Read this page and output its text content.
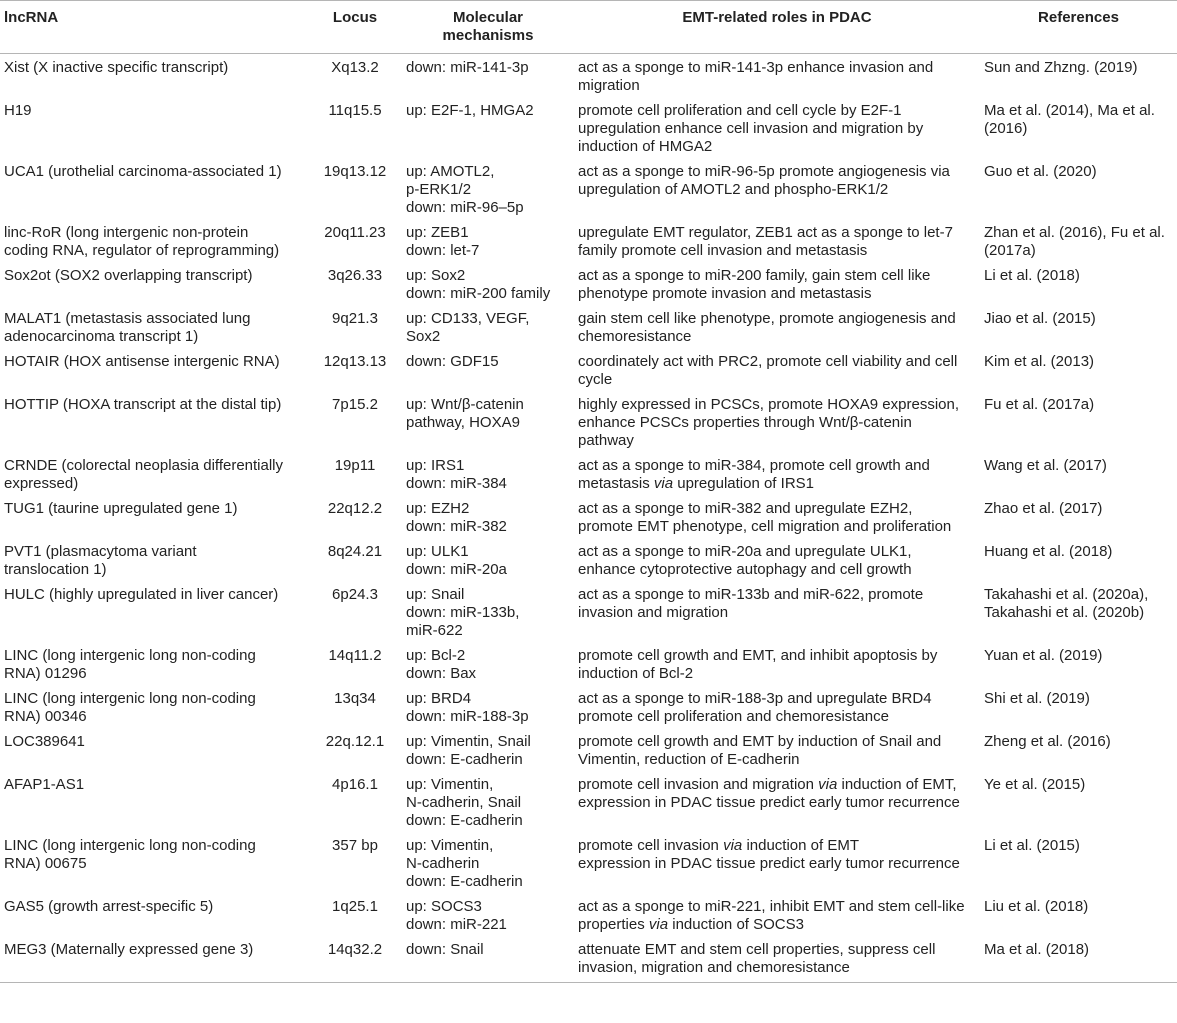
lncRNA	Locus	Molecular mechanisms	EMT-related roles in PDAC	References

Xist (X inactive specific transcript)	Xq13.2	down: miR-141-3p	act as a sponge to miR-141-3p enhance invasion and
migration	Sun and Zhzng. (2019)

H19	11q15.5	up: E2F-1, HMGA2	promote cell proliferation and cell cycle by E2F-1
upregulation enhance cell invasion and migration by
induction of HMGA2	Ma et al. (2014), Ma et al.
(2016)

UCA1 (urothelial carcinoma-associated 1)	19q13.12	up: AMOTL2,
p-ERK1/2
down: miR-96–5p	act as a sponge to miR-96-5p promote angiogenesis via
upregulation of AMOTL2 and phospho-ERK1/2	Guo et al. (2020)

linc-RoR (long intergenic non-protein
coding RNA, regulator of reprogramming)	20q11.23	up: ZEB1
down: let-7	upregulate EMT regulator, ZEB1 act as a sponge to let-7
family promote cell invasion and metastasis	Zhan et al. (2016), Fu et al.
(2017a)

Sox2ot (SOX2 overlapping transcript)	3q26.33	up: Sox2
down: miR-200 family	act as a sponge to miR-200 family, gain stem cell like
phenotype promote invasion and metastasis	Li et al. (2018)

MALAT1 (metastasis associated lung
adenocarcinoma transcript 1)	9q21.3	up: CD133, VEGF,
Sox2	gain stem cell like phenotype, promote angiogenesis and
chemoresistance	Jiao et al. (2015)

HOTAIR (HOX antisense intergenic RNA)	12q13.13	down: GDF15	coordinately act with PRC2, promote cell viability and cell
cycle	Kim et al. (2013)

HOTTIP (HOXA transcript at the distal tip)	7p15.2	up: Wnt/β-catenin
pathway, HOXA9	highly expressed in PCSCs, promote HOXA9 expression,
enhance PCSCs properties through Wnt/β-catenin
pathway	Fu et al. (2017a)

CRNDE (colorectal neoplasia differentially
expressed)	19p11	up: IRS1
down: miR-384	act as a sponge to miR-384, promote cell growth and
metastasis via upregulation of IRS1	Wang et al. (2017)

TUG1 (taurine upregulated gene 1)	22q12.2	up: EZH2
down: miR-382	act as a sponge to miR-382 and upregulate EZH2,
promote EMT phenotype, cell migration and proliferation	Zhao et al. (2017)

PVT1 (plasmacytoma variant
translocation 1)	8q24.21	up: ULK1
down: miR-20a	act as a sponge to miR-20a and upregulate ULK1,
enhance cytoprotective autophagy and cell growth	Huang et al. (2018)

HULC (highly upregulated in liver cancer)	6p24.3	up: Snail
down: miR-133b,
miR-622	act as a sponge to miR-133b and miR-622, promote
invasion and migration	Takahashi et al. (2020a),
Takahashi et al. (2020b)

LINC (long intergenic long non-coding
RNA) 01296	14q11.2	up: Bcl-2
down: Bax	promote cell growth and EMT, and inhibit apoptosis by
induction of Bcl-2	Yuan et al. (2019)

LINC (long intergenic long non-coding
RNA) 00346	13q34	up: BRD4
down: miR-188-3p	act as a sponge to miR-188-3p and upregulate BRD4
promote cell proliferation and chemoresistance	Shi et al. (2019)

LOC389641	22q.12.1	up: Vimentin, Snail
down: E-cadherin	promote cell growth and EMT by induction of Snail and
Vimentin, reduction of E-cadherin	Zheng et al. (2016)

AFAP1-AS1	4p16.1	up: Vimentin,
N-cadherin, Snail
down: E-cadherin	promote cell invasion and migration via induction of EMT,
expression in PDAC tissue predict early tumor recurrence	Ye et al. (2015)

LINC (long intergenic long non-coding
RNA) 00675	357 bp	up: Vimentin,
N-cadherin
down: E-cadherin	promote cell invasion via induction of EMT
expression in PDAC tissue predict early tumor recurrence	Li et al. (2015)

GAS5 (growth arrest-specific 5)	1q25.1	up: SOCS3
down: miR-221	act as a sponge to miR-221, inhibit EMT and stem cell-like
properties via induction of SOCS3	Liu et al. (2018)

MEG3 (Maternally expressed gene 3)	14q32.2	down: Snail	attenuate EMT and stem cell properties, suppress cell
invasion, migration and chemoresistance	Ma et al. (2018)
